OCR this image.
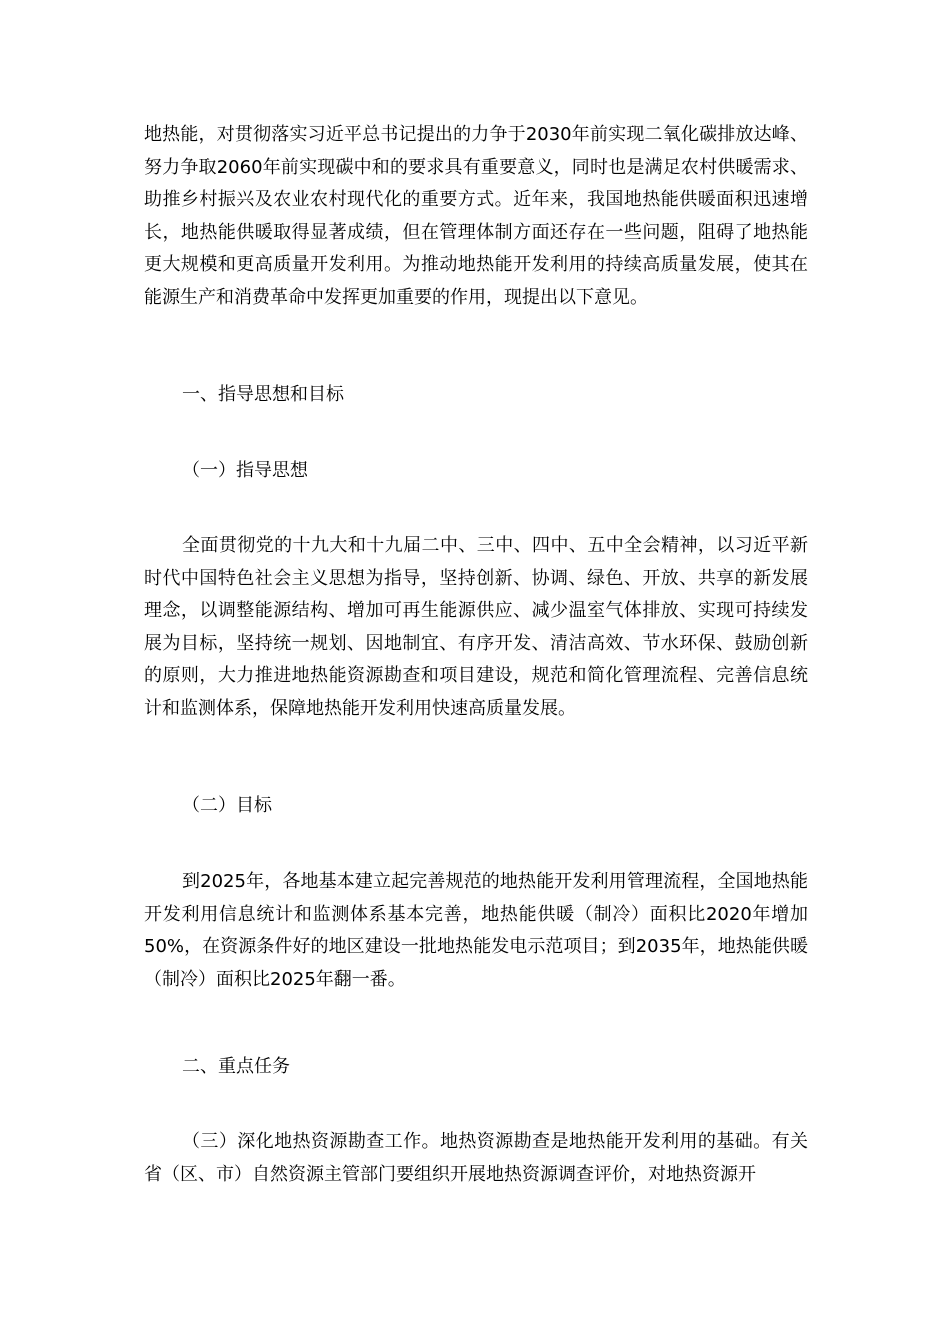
地热能，对贯彻落实习近平总书记提出的力争于2030年前实现二氧化碳排放达峰、努力争取2060年前实现碳中和的要求具有重要意义，同时也是满足农村供暖需求、助推乡村振兴及农业农村现代化的重要方式。近年来，我国地热能供暖面积迅速增长，地热能供暖取得显著成绩，但在管理体制方面还存在一些问题，阻碍了地热能更大规模和更高质量开发利用。为推动地热能开发利用的持续高质量发展，使其在能源生产和消费革命中发挥更加重要的作用，现提出以下意见。

一、指导思想和目标

（一）指导思想

全面贯彻党的十九大和十九届二中、三中、四中、五中全会精神，以习近平新时代中国特色社会主义思想为指导，坚持创新、协调、绿色、开放、共享的新发展理念，以调整能源结构、增加可再生能源供应、减少温室气体排放、实现可持续发展为目标，坚持统一规划、因地制宜、有序开发、清洁高效、节水环保、鼓励创新的原则，大力推进地热能资源勘查和项目建设，规范和简化管理流程、完善信息统计和监测体系，保障地热能开发利用快速高质量发展。

（二）目标

到2025年，各地基本建立起完善规范的地热能开发利用管理流程，全国地热能开发利用信息统计和监测体系基本完善，地热能供暖（制冷）面积比2020年增加50%，在资源条件好的地区建设一批地热能发电示范项目；到2035年，地热能供暖（制冷）面积比2025年翻一番。

二、重点任务

（三）深化地热资源勘查工作。地热资源勘查是地热能开发利用的基础。有关省（区、市）自然资源主管部门要组织开展地热资源调查评价，对地热资源开
